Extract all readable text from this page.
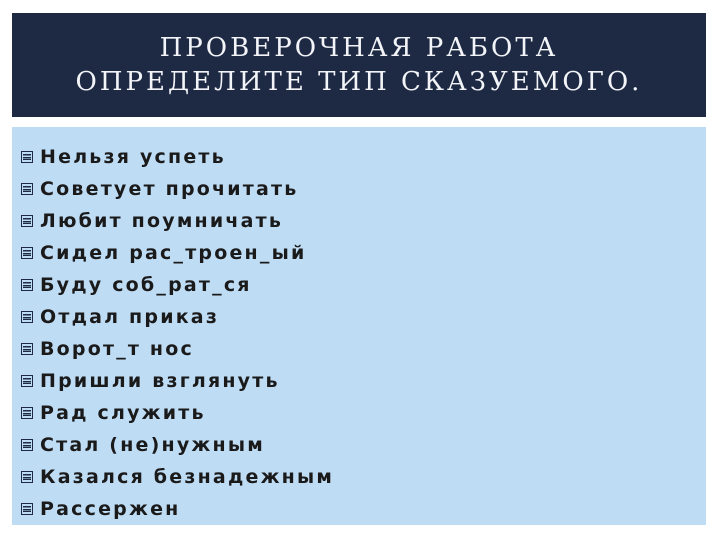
ПРОВЕРОЧНАЯ РАБОТА
ОПРЕДЕЛИТЕ ТИП СКАЗУЕМОГО.
Нельзя успеть
Советует прочитать
Любит поумничать
Сидел рас_троен_ый
Буду соб_рат_ся
Отдал приказ
Ворот_т нос
Пришли взглянуть
Рад служить
Стал (не)нужным
Казался безнадежным
Рассержен
